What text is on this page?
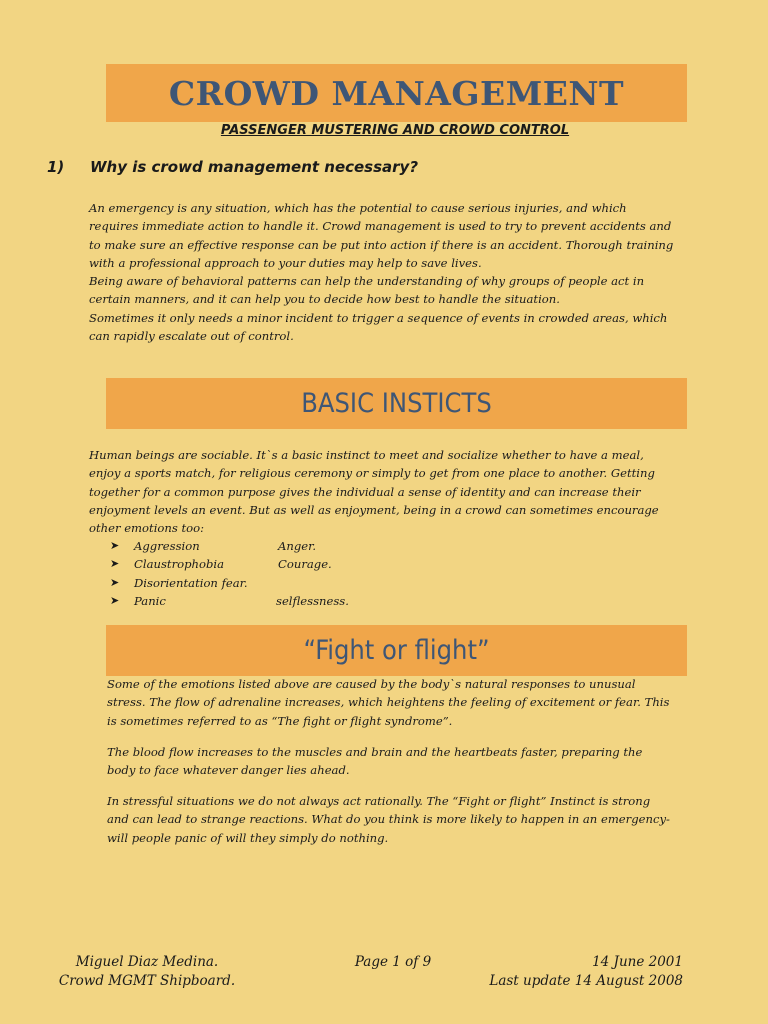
CROWD MANAGEMENT
PASSENGER MUSTERING AND CROWD CONTROL
1) Why is crowd management necessary?

An emergency is any situation, which has the potential to cause serious injuries, and which
requires immediate action to handle it. Crowd management is used to try to prevent accidents and
to make sure an effective response can be put into action if there is an accident. Thorough training
with a professional approach to your duties may help to save lives.
Being aware of behavioral patterns can help the understanding of why groups of people act in
certain manners, and it can help you to decide how best to handle the situation.
Sometimes it only needs a minor incident to trigger a sequence of events in crowded areas, which
can rapidly escalate out of control.

BASIC INSTICTS

Human beings are sociable. It`s a basic instinct to meet and socialize whether to have a meal,
enjoy a sports match, for religious ceremony or simply to get from one place to another. Getting
together for a common purpose gives the individual a sense of identity and can increase their
enjoyment levels an event. But as well as enjoyment, being in a crowd can sometimes encourage
other emotions too:

➤ Aggression	Anger.
➤ Claustrophobia	Courage.
➤ Disorientation fear.
➤ Panic	selflessness.
“Fight or flight”

Some of the emotions listed above are caused by the body`s natural responses to unusual
stress. The flow of adrenaline increases, which heightens the feeling of excitement or fear. This
is sometimes referred to as “The fight or flight syndrome”.

The blood flow increases to the muscles and brain and the heartbeats faster, preparing the
body to face whatever danger lies ahead.

In stressful situations we do not always act rationally. The “Fight or flight” Instinct is strong
and can lead to strange reactions. What do you think is more likely to happen in an emergency-
will people panic of will they simply do nothing.

Miguel Diaz Medina.
Crowd MGMT Shipboard.
Page 1 of 9	14 June 2001
Last update 14 August 2008
